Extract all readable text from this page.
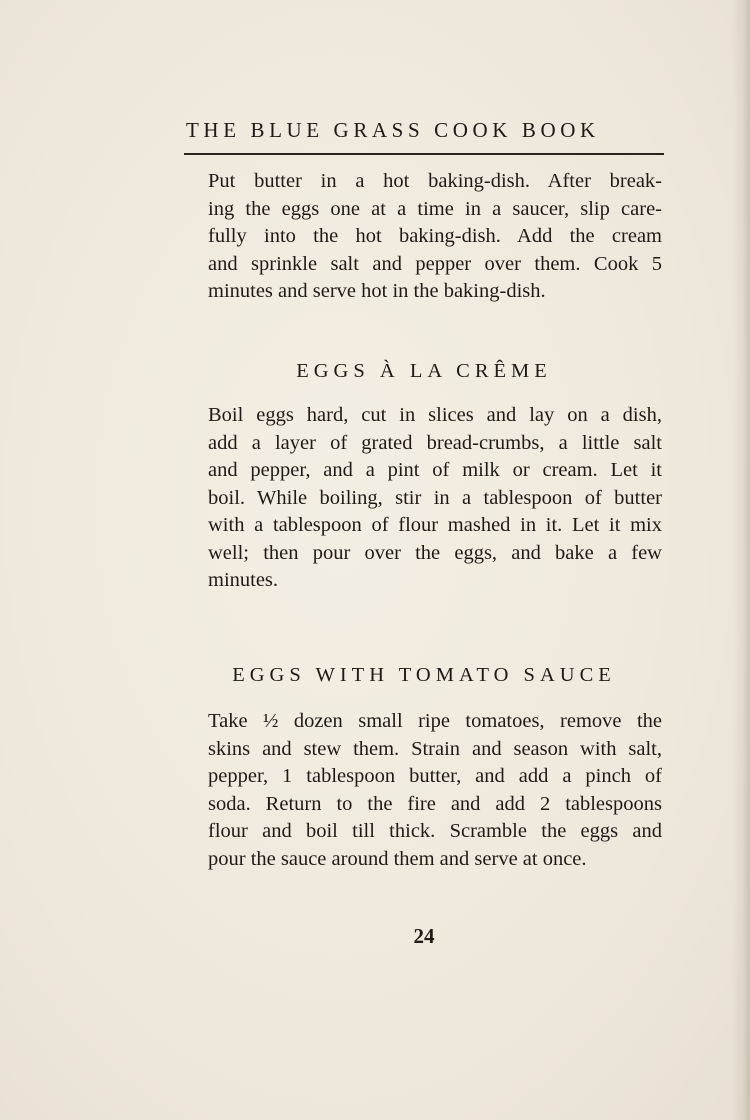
THE BLUE GRASS COOK BOOK

Put butter in a hot baking-dish. After break-
ing the eggs one at a time in a saucer, slip care-
fully into the hot baking-dish. Add the cream
and sprinkle salt and pepper over them. Cook 5
minutes and serve hot in the baking-dish.

EGGS À LA CRÊME

Boil eggs hard, cut in slices and lay on a dish,
add a layer of grated bread-crumbs, a little salt
and pepper, and a pint of milk or cream. Let it
boil. While boiling, stir in a tablespoon of butter
with a tablespoon of flour mashed in it. Let it mix
well; then pour over the eggs, and bake a few
minutes.

EGGS WITH TOMATO SAUCE

Take ½ dozen small ripe tomatoes, remove the
skins and stew them. Strain and season with salt,
pepper, 1 tablespoon butter, and add a pinch of
soda. Return to the fire and add 2 tablespoons
flour and boil till thick. Scramble the eggs and
pour the sauce around them and serve at once.

24
